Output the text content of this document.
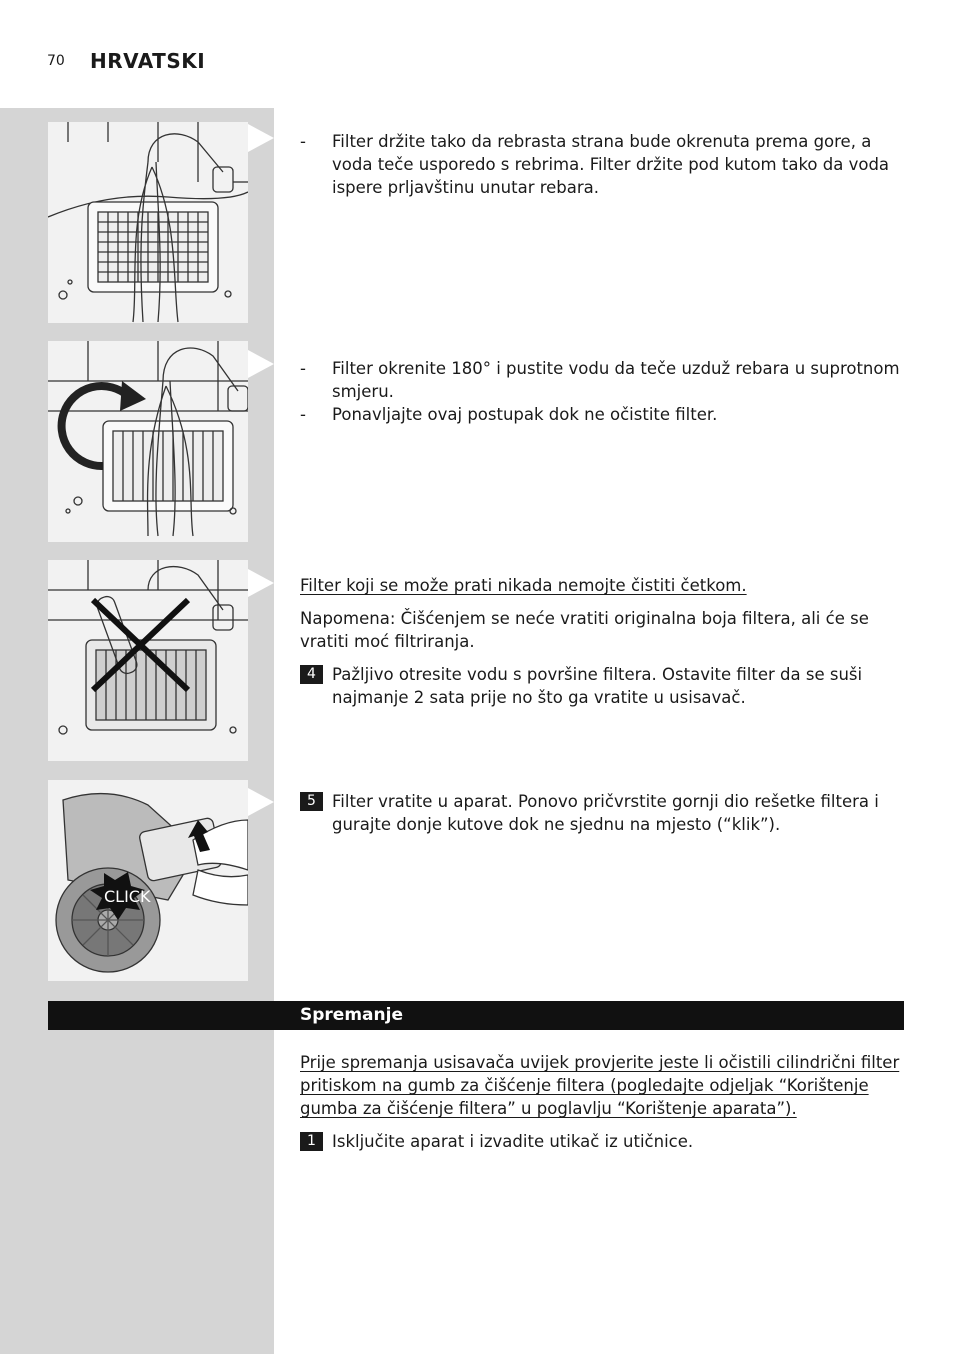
70 HRVATSKI
CLICK
- Filter držite tako da rebrasta strana bude okrenuta prema gore, a voda teče usporedo s rebrima. Filter držite pod kutom tako da voda ispere prljavštinu unutar rebara.
- Filter okrenite 180° i pustite vodu da teče uzduž rebara u suprotnom smjeru.
- Ponavljajte ovaj postupak dok ne očistite filter.

Filter koji se može prati nikada nemojte čistiti četkom.

Napomena: Čišćenjem se neće vratiti originalna boja filtera, ali će se vratiti moć filtriranja.

4 Pažljivo otresite vodu s površine filtera. Ostavite filter da se suši najmanje 2 sata prije no što ga vratite u usisavač.
5 Filter vratite u aparat. Ponovo pričvrstite gornji dio rešetke filtera i gurajte donje kutove dok ne sjednu na mjesto (“klik”).
Spremanje

Prije spremanja usisavača uvijek provjerite jeste li očistili cilindrični filter pritiskom na gumb za čišćenje filtera (pogledajte odjeljak “Korištenje gumba za čišćenje filtera” u poglavlju “Korištenje aparata”).

1 Isključite aparat i izvadite utikač iz utičnice.
